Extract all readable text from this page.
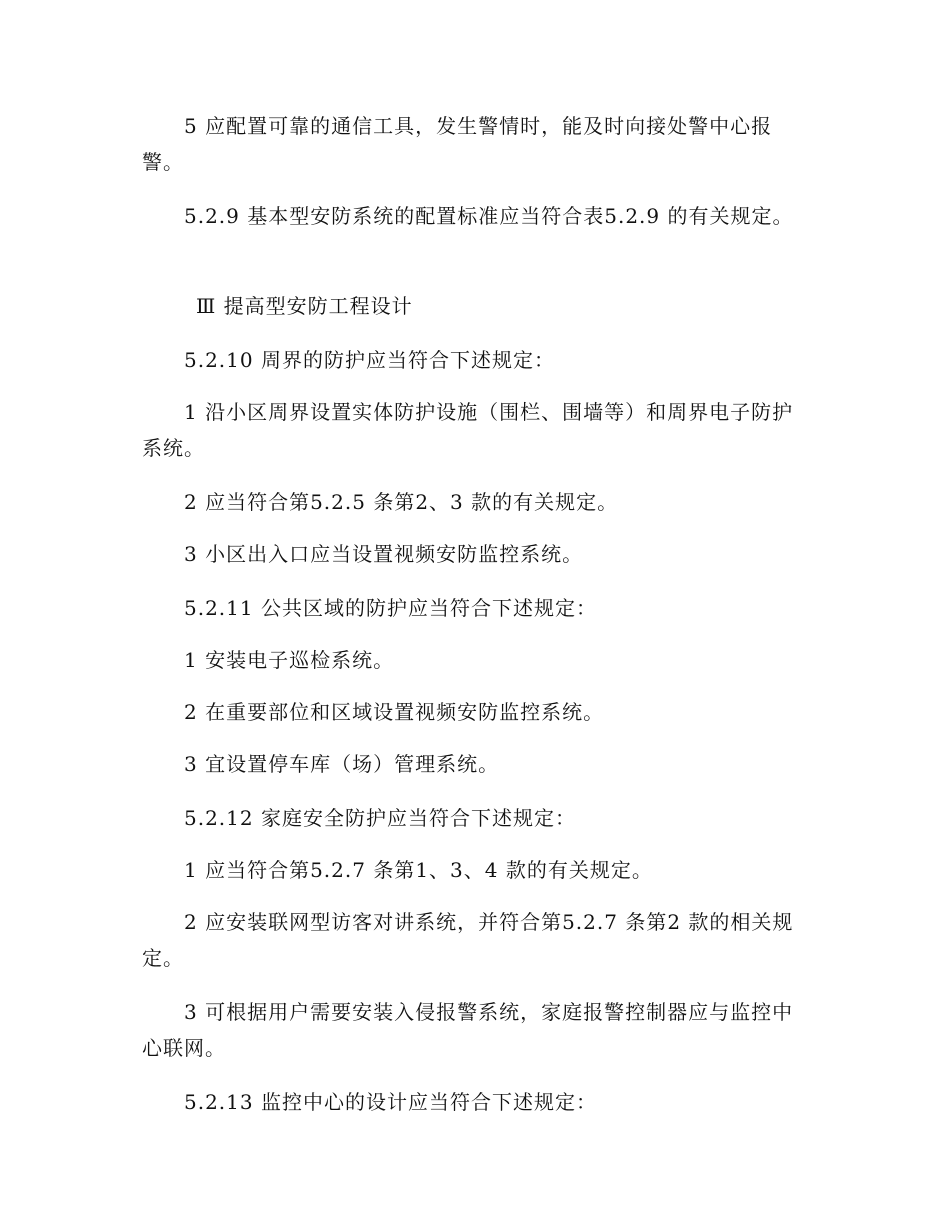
5 应配置可靠的通信工具，发生警情时，能及时向接处警中心报警。

5.2.9 基本型安防系统的配置标准应当符合表5.2.9 的有关规定。

Ⅲ 提高型安防工程设计

5.2.10 周界的防护应当符合下述规定：

1 沿小区周界设置实体防护设施（围栏、围墙等）和周界电子防护系统。

2 应当符合第5.2.5 条第2、3 款的有关规定。

3 小区出入口应当设置视频安防监控系统。

5.2.11 公共区域的防护应当符合下述规定：

1 安装电子巡检系统。

2 在重要部位和区域设置视频安防监控系统。

3 宜设置停车库（场）管理系统。

5.2.12 家庭安全防护应当符合下述规定：

1 应当符合第5.2.7 条第1、3、4 款的有关规定。

2 应安装联网型访客对讲系统，并符合第5.2.7 条第2 款的相关规定。

3 可根据用户需要安装入侵报警系统，家庭报警控制器应与监控中心联网。

5.2.13 监控中心的设计应当符合下述规定：
